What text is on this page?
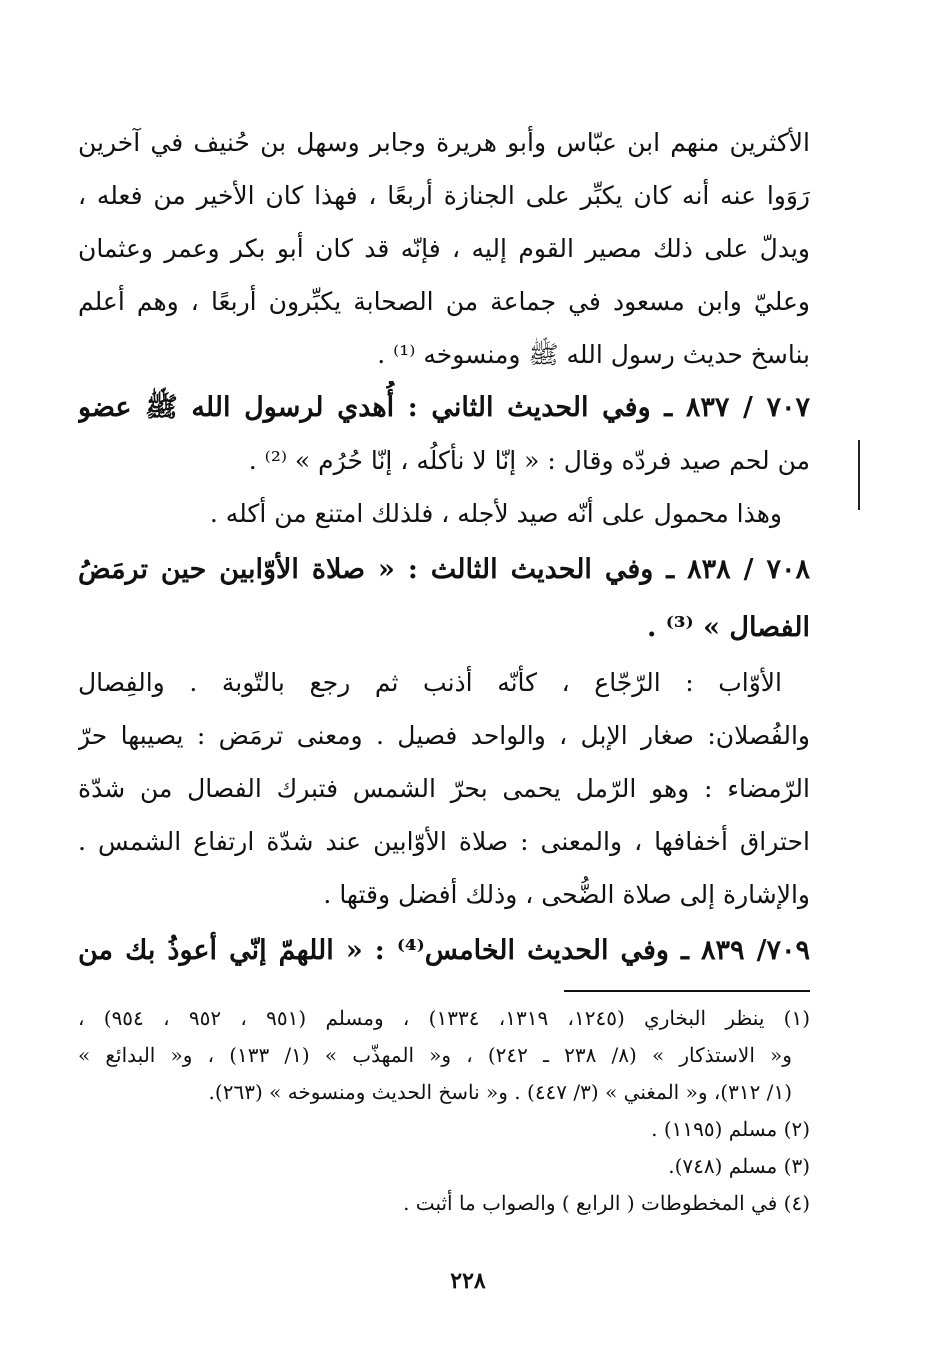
الأكثرين منهم ابن عبّاس وأبو هريرة وجابر وسهل بن حُنيف في آخرين
رَوَوا عنه أنه كان يكبِّر على الجنازة أربعًا ، فهذا كان الأخير من فعله ،
ويدلّ على ذلك مصير القوم إليه ، فإنّه قد كان أبو بكر وعمر وعثمان
وعليّ وابن مسعود في جماعة من الصحابة يكبِّرون أربعًا ، وهم أعلم
بناسخ حديث رسول الله ﷺ ومنسوخه ⁽¹⁾ .
٧٠٧ / ٨٣٧ ـ وفي الحديث الثاني : أُهدي لرسول الله ﷺ عضو
من لحم صيد فردّه وقال : « إنّا لا نأكلُه ، إنّا حُرُم » ⁽²⁾ .
وهذا محمول على أنّه صيد لأجله ، فلذلك امتنع من أكله .
٧٠٨ / ٨٣٨ ـ وفي الحديث الثالث : « صلاة الأوّابين حين ترمَضُ
الفصال » ⁽³⁾ .
الأوّاب : الرّجّاع ، كأنّه أذنب ثم رجع بالتّوبة . والفِصال
والفُصلان: صغار الإبل ، والواحد فصيل . ومعنى ترمَض : يصيبها حرّ
الرّمضاء : وهو الرّمل يحمى بحرّ الشمس فتبرك الفصال من شدّة
احتراق أخفافها ، والمعنى : صلاة الأوّابين عند شدّة ارتفاع الشمس .
والإشارة إلى صلاة الضُّحى ، وذلك أفضل وقتها .
٧٠٩/ ٨٣٩ ـ وفي الحديث الخامس⁽⁴⁾ : « اللهمّ إنّي أعوذُ بك من
(١) ينظر البخاري (١٢٤٥، ١٣١٩، ١٣٣٤) ، ومسلم (٩٥١ ، ٩٥٢ ، ٩٥٤) ،
و« الاستذكار » (٨/ ٢٣٨ ـ ٢٤٢) ، و« المهذّب » (١/ ١٣٣) ، و« البدائع »
(١/ ٣١٢)، و« المغني » (٣/ ٤٤٧) . و« ناسخ الحديث ومنسوخه » (٢٦٣).
(٢) مسلم (١١٩٥) .
(٣) مسلم (٧٤٨).
(٤) في المخطوطات ( الرابع ) والصواب ما أثبت .
٢٢٨
